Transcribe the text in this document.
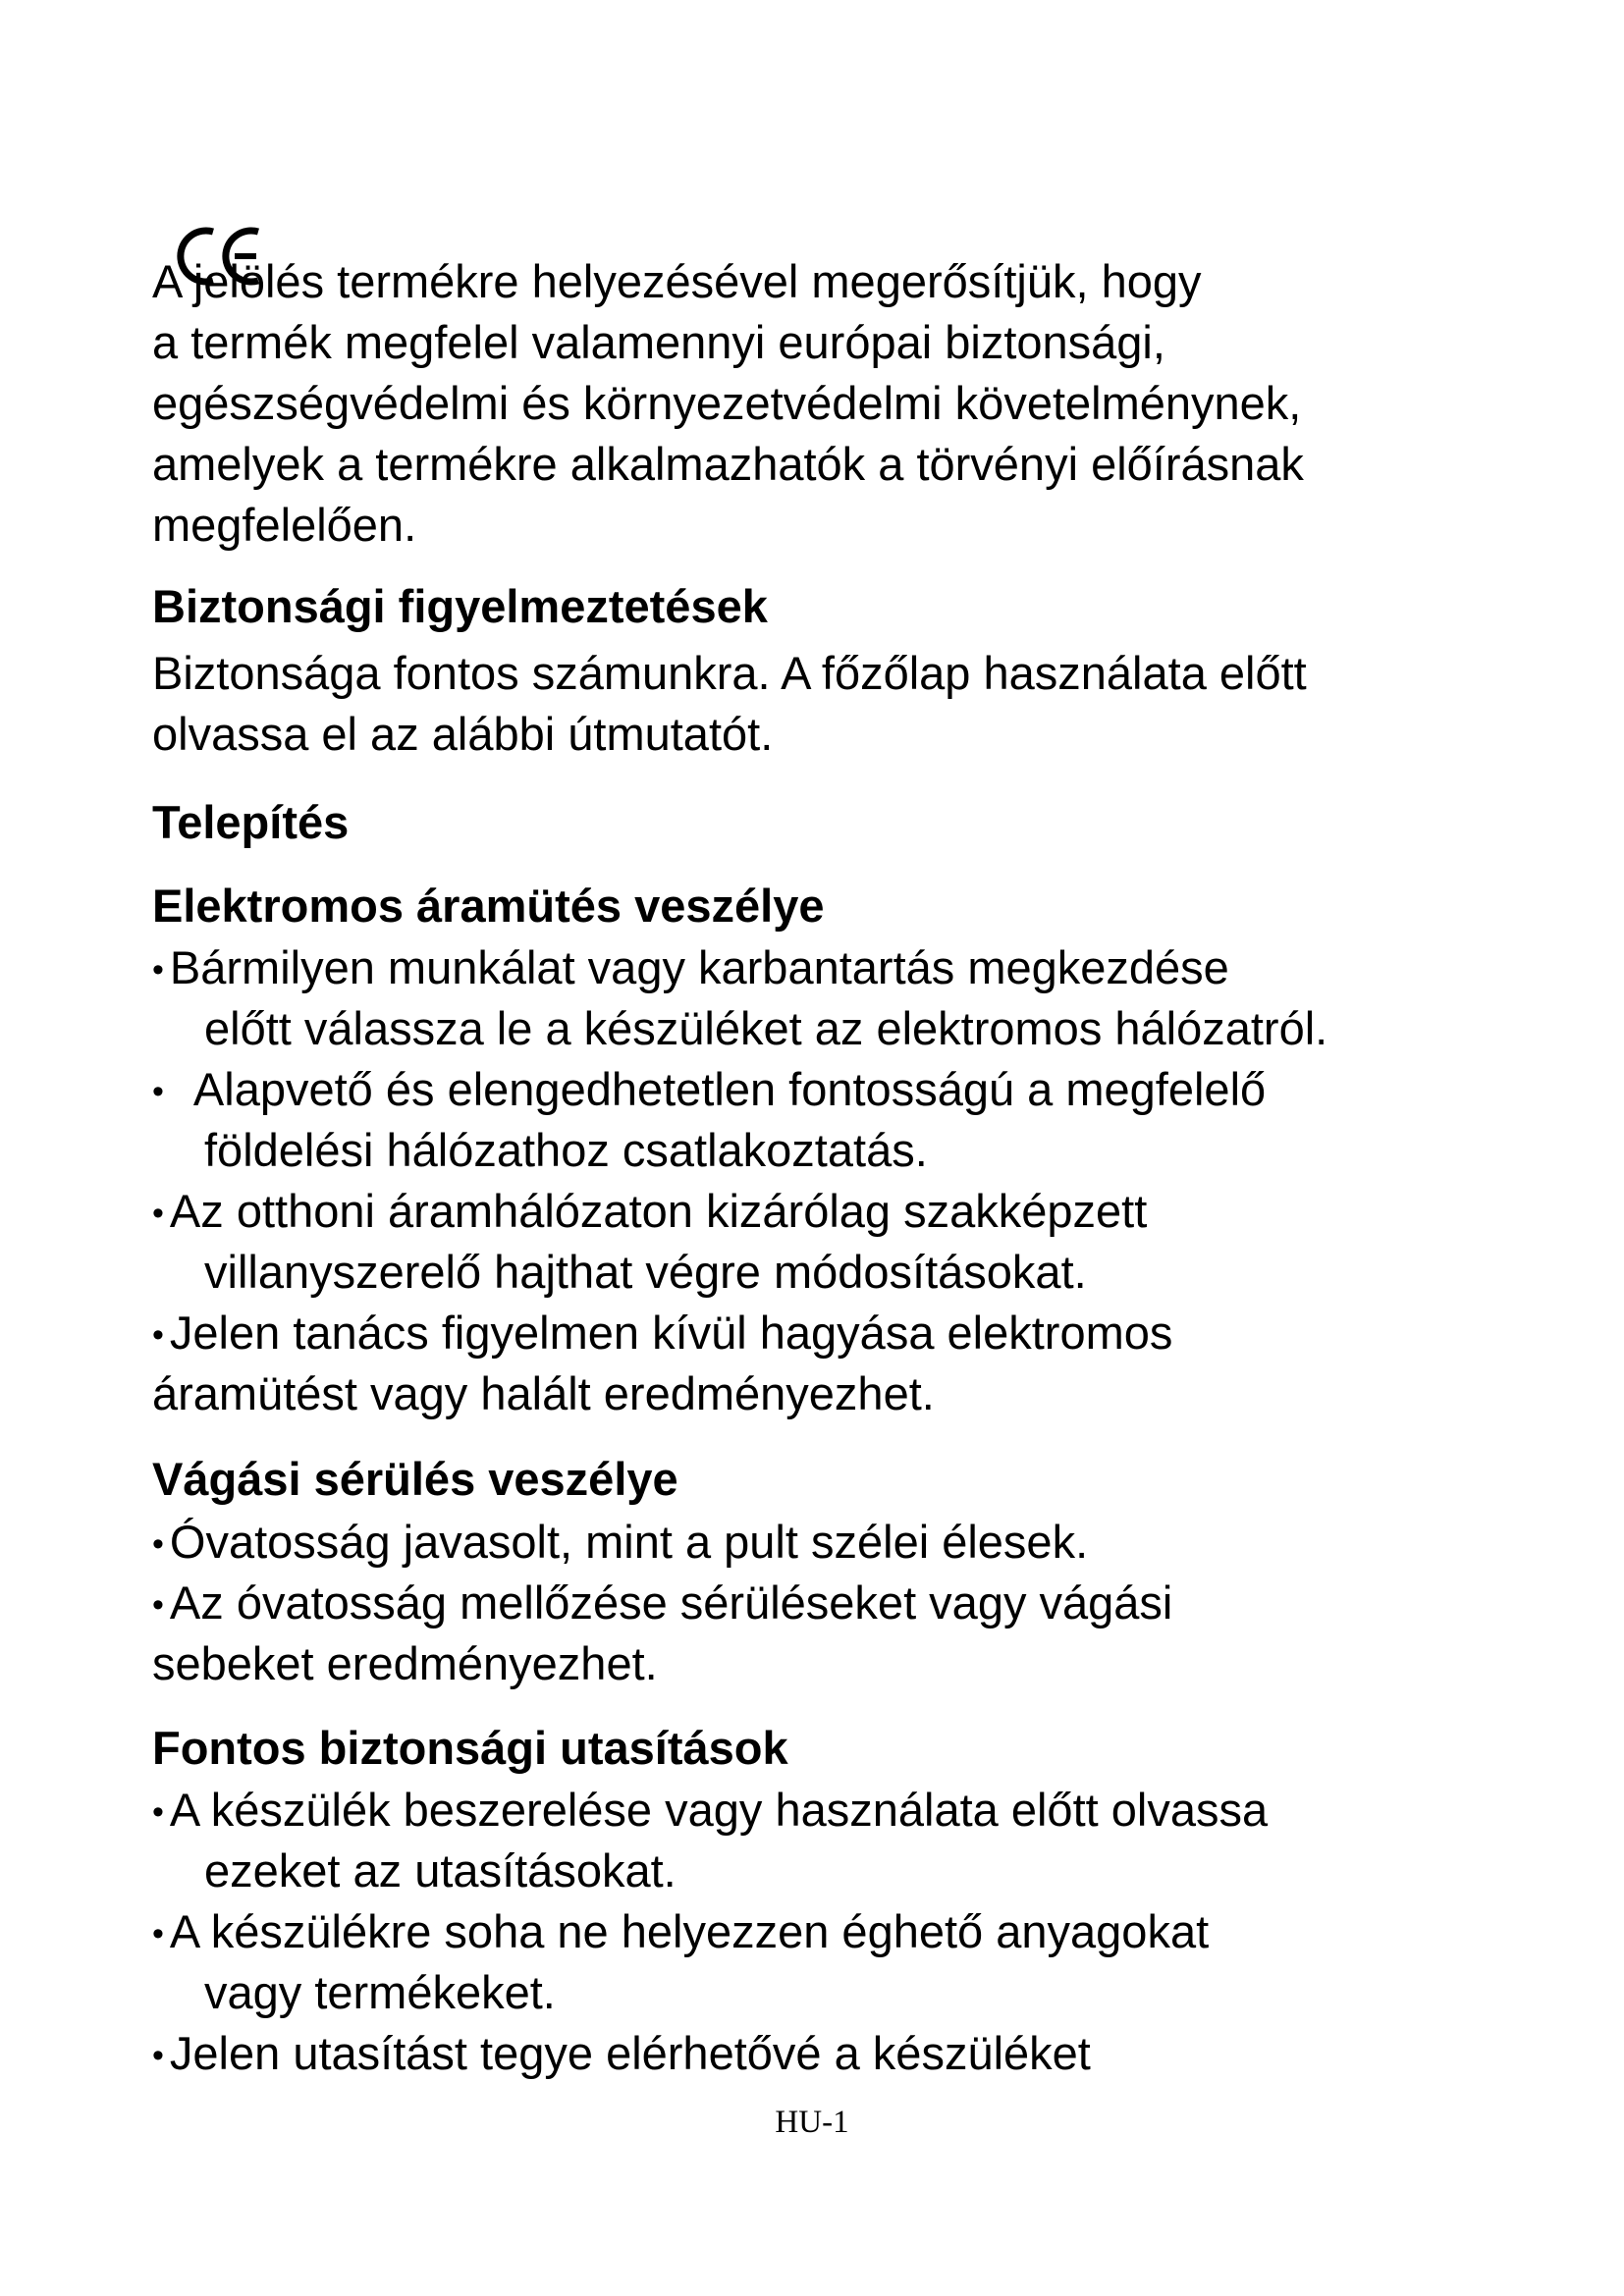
A jelölés termékre helyezésével megerősítjük, hogy
a termék megfelel valamennyi európai biztonsági,
egészségvédelmi és környezetvédelmi követelménynek,
amelyek a termékre alkalmazhatók a törvényi előírásnak
megfelelően.
Biztonsági figyelmeztetések
Biztonsága fontos számunkra. A főzőlap használata előtt
olvassa el az alábbi útmutatót.
Telepítés
Elektromos áramütés veszélye
• Bármilyen munkálat vagy karbantartás megkezdése
előtt válassza le a készüléket az elektromos hálózatról.
• Alapvető és elengedhetetlen fontosságú a megfelelő
földelési hálózathoz csatlakoztatás.
• Az otthoni áramhálózaton kizárólag szakképzett
villanyszerelő hajthat végre módosításokat.
• Jelen tanács figyelmen kívül hagyása elektromos
áramütést vagy halált eredményezhet.
Vágási sérülés veszélye
• Óvatosság javasolt, mint a pult szélei élesek.
• Az óvatosság mellőzése sérüléseket vagy vágási
sebeket eredményezhet.
Fontos biztonsági utasítások
• A készülék beszerelése vagy használata előtt olvassa
ezeket az utasításokat.
• A készülékre soha ne helyezzen éghető anyagokat
vagy termékeket.
• Jelen utasítást tegye elérhetővé a készüléket
HU-1
